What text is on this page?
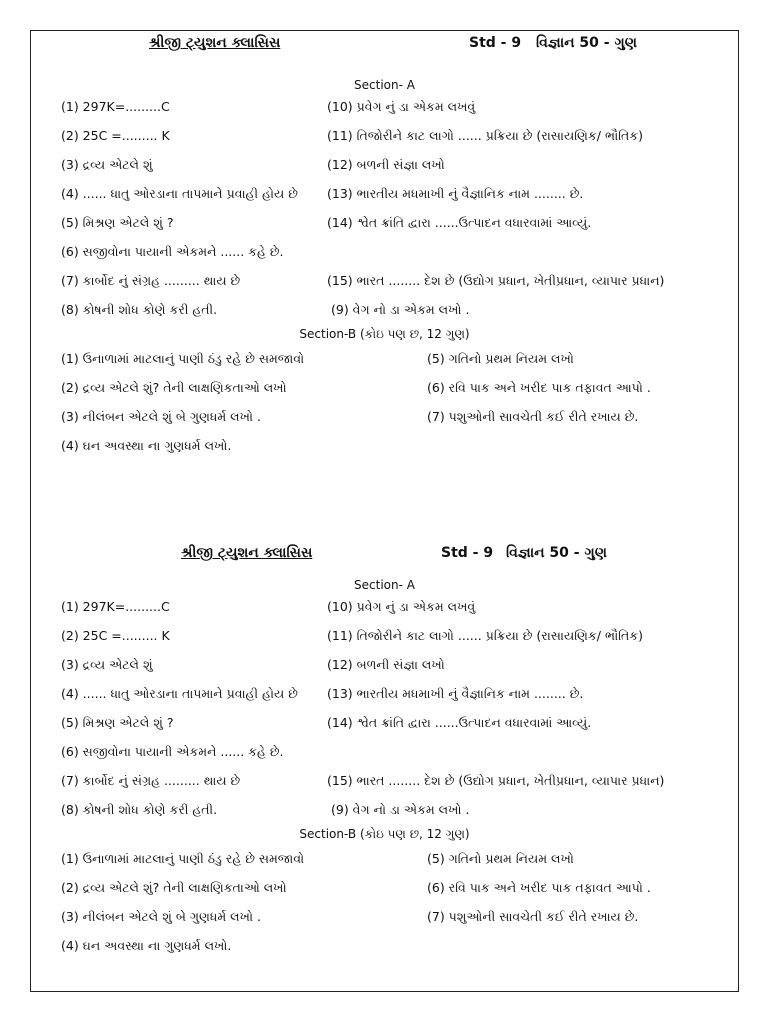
શ્રીજી ટ્યુશન ક્લાસિસ	Std - 9 વિજ્ઞાન 50 - ગુણ
Section- A
(1) 297K=.........C
(2) 25C =......... K
(3) દ્રવ્ય એટલે શું
(4) ...... ધાતુ ઓરડાના તાપમાને પ્રવાહી હોય છે
(5) મિશ્રણ એટલે શું ?
(6) સજીવોના પાયાની એકમને ...... કહે છે.
(7) કાર્બોદ નું સંગ્રહ ......... થાય છે
(8) કોષની શોધ કોણે કરી હતી.
(10) પ્રવેગ નું ડા એકમ લખવું
(11) તિજોરીને કાટ લાગો ...... પ્રક્રિયા છે (રાસાયણિક/ ભૌતિક)
(12) બળની સંજ્ઞા લખો
(13) ભારતીય મધમાખી નું વૈજ્ઞાનિક નામ ........ છે.
(14) શ્વેત ક્રાંતિ દ્વારા ......ઉત્પાદન વધારવામાં આવ્યું.
(15) ભારત ........ દેશ છે (ઉદ્યોગ પ્રધાન, ખેતીપ્રધાન, વ્યાપાર પ્રધાન)
(9) વેગ નો ડા એકમ લખો .
Section-B (કોઇ પણ છ, 12 ગુણ)
(1) ઉનાળામાં માટલાનું પાણી ઠંડુ રહે છે સમજાવો
(2) દ્રવ્ય એટલે શું? તેની લાક્ષણિકતાઓ લખો
(3) નીલંબન એટલે શું બે ગુણધર્મ લખો .
(4) ઘન અવસ્થા ના ગુણધર્મ લખો.
(5) ગતિનો પ્રથમ નિયમ લખો
(6) રવિ પાક અને ખરીદ પાક તફાવત આપો .
(7) પશુઓની સાવચેતી કઈ રીતે રખાય છે.
શ્રીજી ટ્યુશન ક્લાસિસ	Std - 9 વિજ્ઞાન 50 - ગુણ
Section- A
(1) 297K=.........C
(2) 25C =......... K
(3) દ્રવ્ય એટલે શું
(4) ...... ધાતુ ઓરડાના તાપમાને પ્રવાહી હોય છે
(5) મિશ્રણ એટલે શું ?
(6) સજીવોના પાયાની એકમને ...... કહે છે.
(7) કાર્બોદ નું સંગ્રહ ......... થાય છે
(8) કોષની શોધ કોણે કરી હતી.
(10) પ્રવેગ નું ડા એકમ લખવું
(11) તિજોરીને કાટ લાગો ...... પ્રક્રિયા છે (રાસાયણિક/ ભૌતિક)
(12) બળની સંજ્ઞા લખો
(13) ભારતીય મધમાખી નું વૈજ્ઞાનિક નામ ........ છે.
(14) શ્વેત ક્રાંતિ દ્વારા ......ઉત્પાદન વધારવામાં આવ્યું.
(15) ભારત ........ દેશ છે (ઉદ્યોગ પ્રધાન, ખેતીપ્રધાન, વ્યાપાર પ્રધાન)
(9) વેગ નો ડા એકમ લખો .
Section-B (કોઇ પણ છ, 12 ગુણ)
(1) ઉનાળામાં માટલાનું પાણી ઠંડુ રહે છે સમજાવો
(2) દ્રવ્ય એટલે શું? તેની લાક્ષણિકતાઓ લખો
(3) નીલંબન એટલે શું બે ગુણધર્મ લખો .
(4) ઘન અવસ્થા ના ગુણધર્મ લખો.
(5) ગતિનો પ્રથમ નિયમ લખો
(6) રવિ પાક અને ખરીદ પાક તફાવત આપો .
(7) પશુઓની સાવચેતી કઈ રીતે રખાય છે.
